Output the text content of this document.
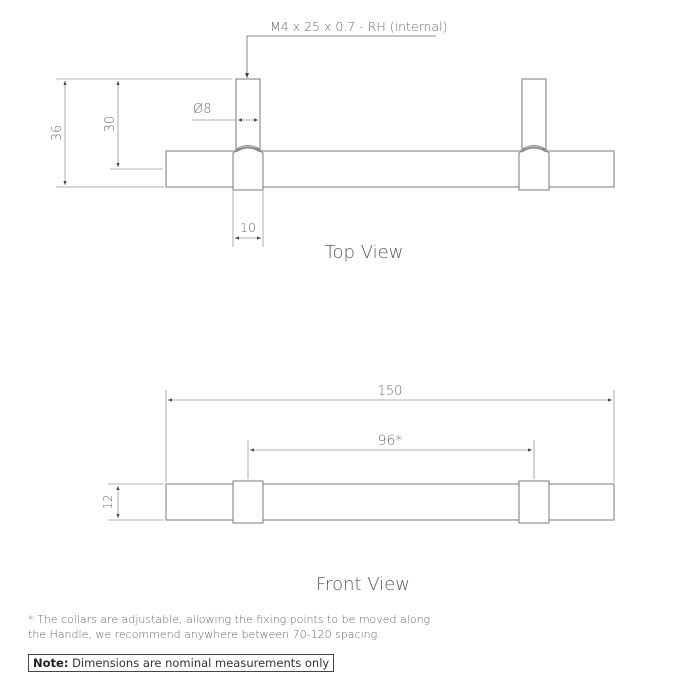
M4 x 25 x 0.7 - RH (internal)
36
30
Ø8
10
Top View
150
96*
12
Front View
* The collars are adjustable, allowing the fixing points to be moved along the Handle, we recommend anywhere between 70-120 spacing.
Note: Dimensions are nominal measurements only
